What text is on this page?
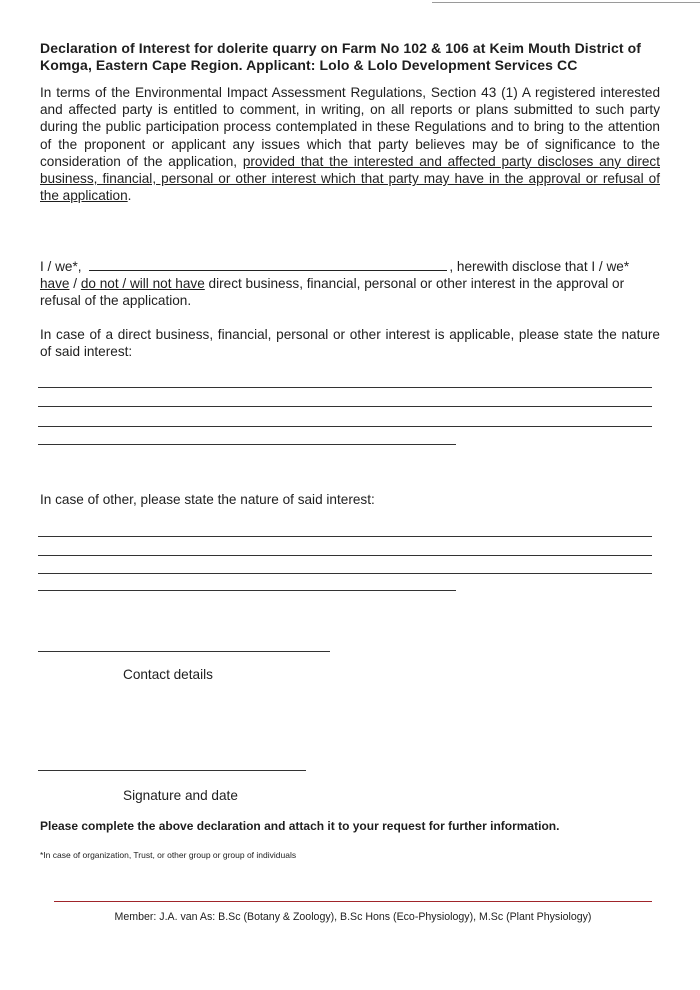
Declaration of Interest for dolerite quarry on Farm No 102 & 106 at Keim Mouth District of Komga, Eastern Cape Region. Applicant: Lolo & Lolo Development Services CC
In terms of the Environmental Impact Assessment Regulations, Section 43 (1) A registered interested and affected party is entitled to comment, in writing, on all reports or plans submitted to such party during the public participation process contemplated in these Regulations and to bring to the attention of the proponent or applicant any issues which that party believes may be of significance to the consideration of the application, provided that the interested and affected party discloses any direct business, financial, personal or other interest which that party may have in the approval or refusal of the application.
I / we*,	, herewith disclose that I / we* have / do not / will not have direct business, financial, personal or other interest in the approval or refusal of the application.
In case of a direct business, financial, personal or other interest is applicable, please state the nature of said interest:
In case of other, please state the nature of said interest:
Contact details
Signature and date
Please complete the above declaration and attach it to your request for further information.
*In case of organization, Trust, or other group or group of individuals
Member: J.A. van As: B.Sc (Botany & Zoology), B.Sc Hons (Eco-Physiology), M.Sc (Plant Physiology)
